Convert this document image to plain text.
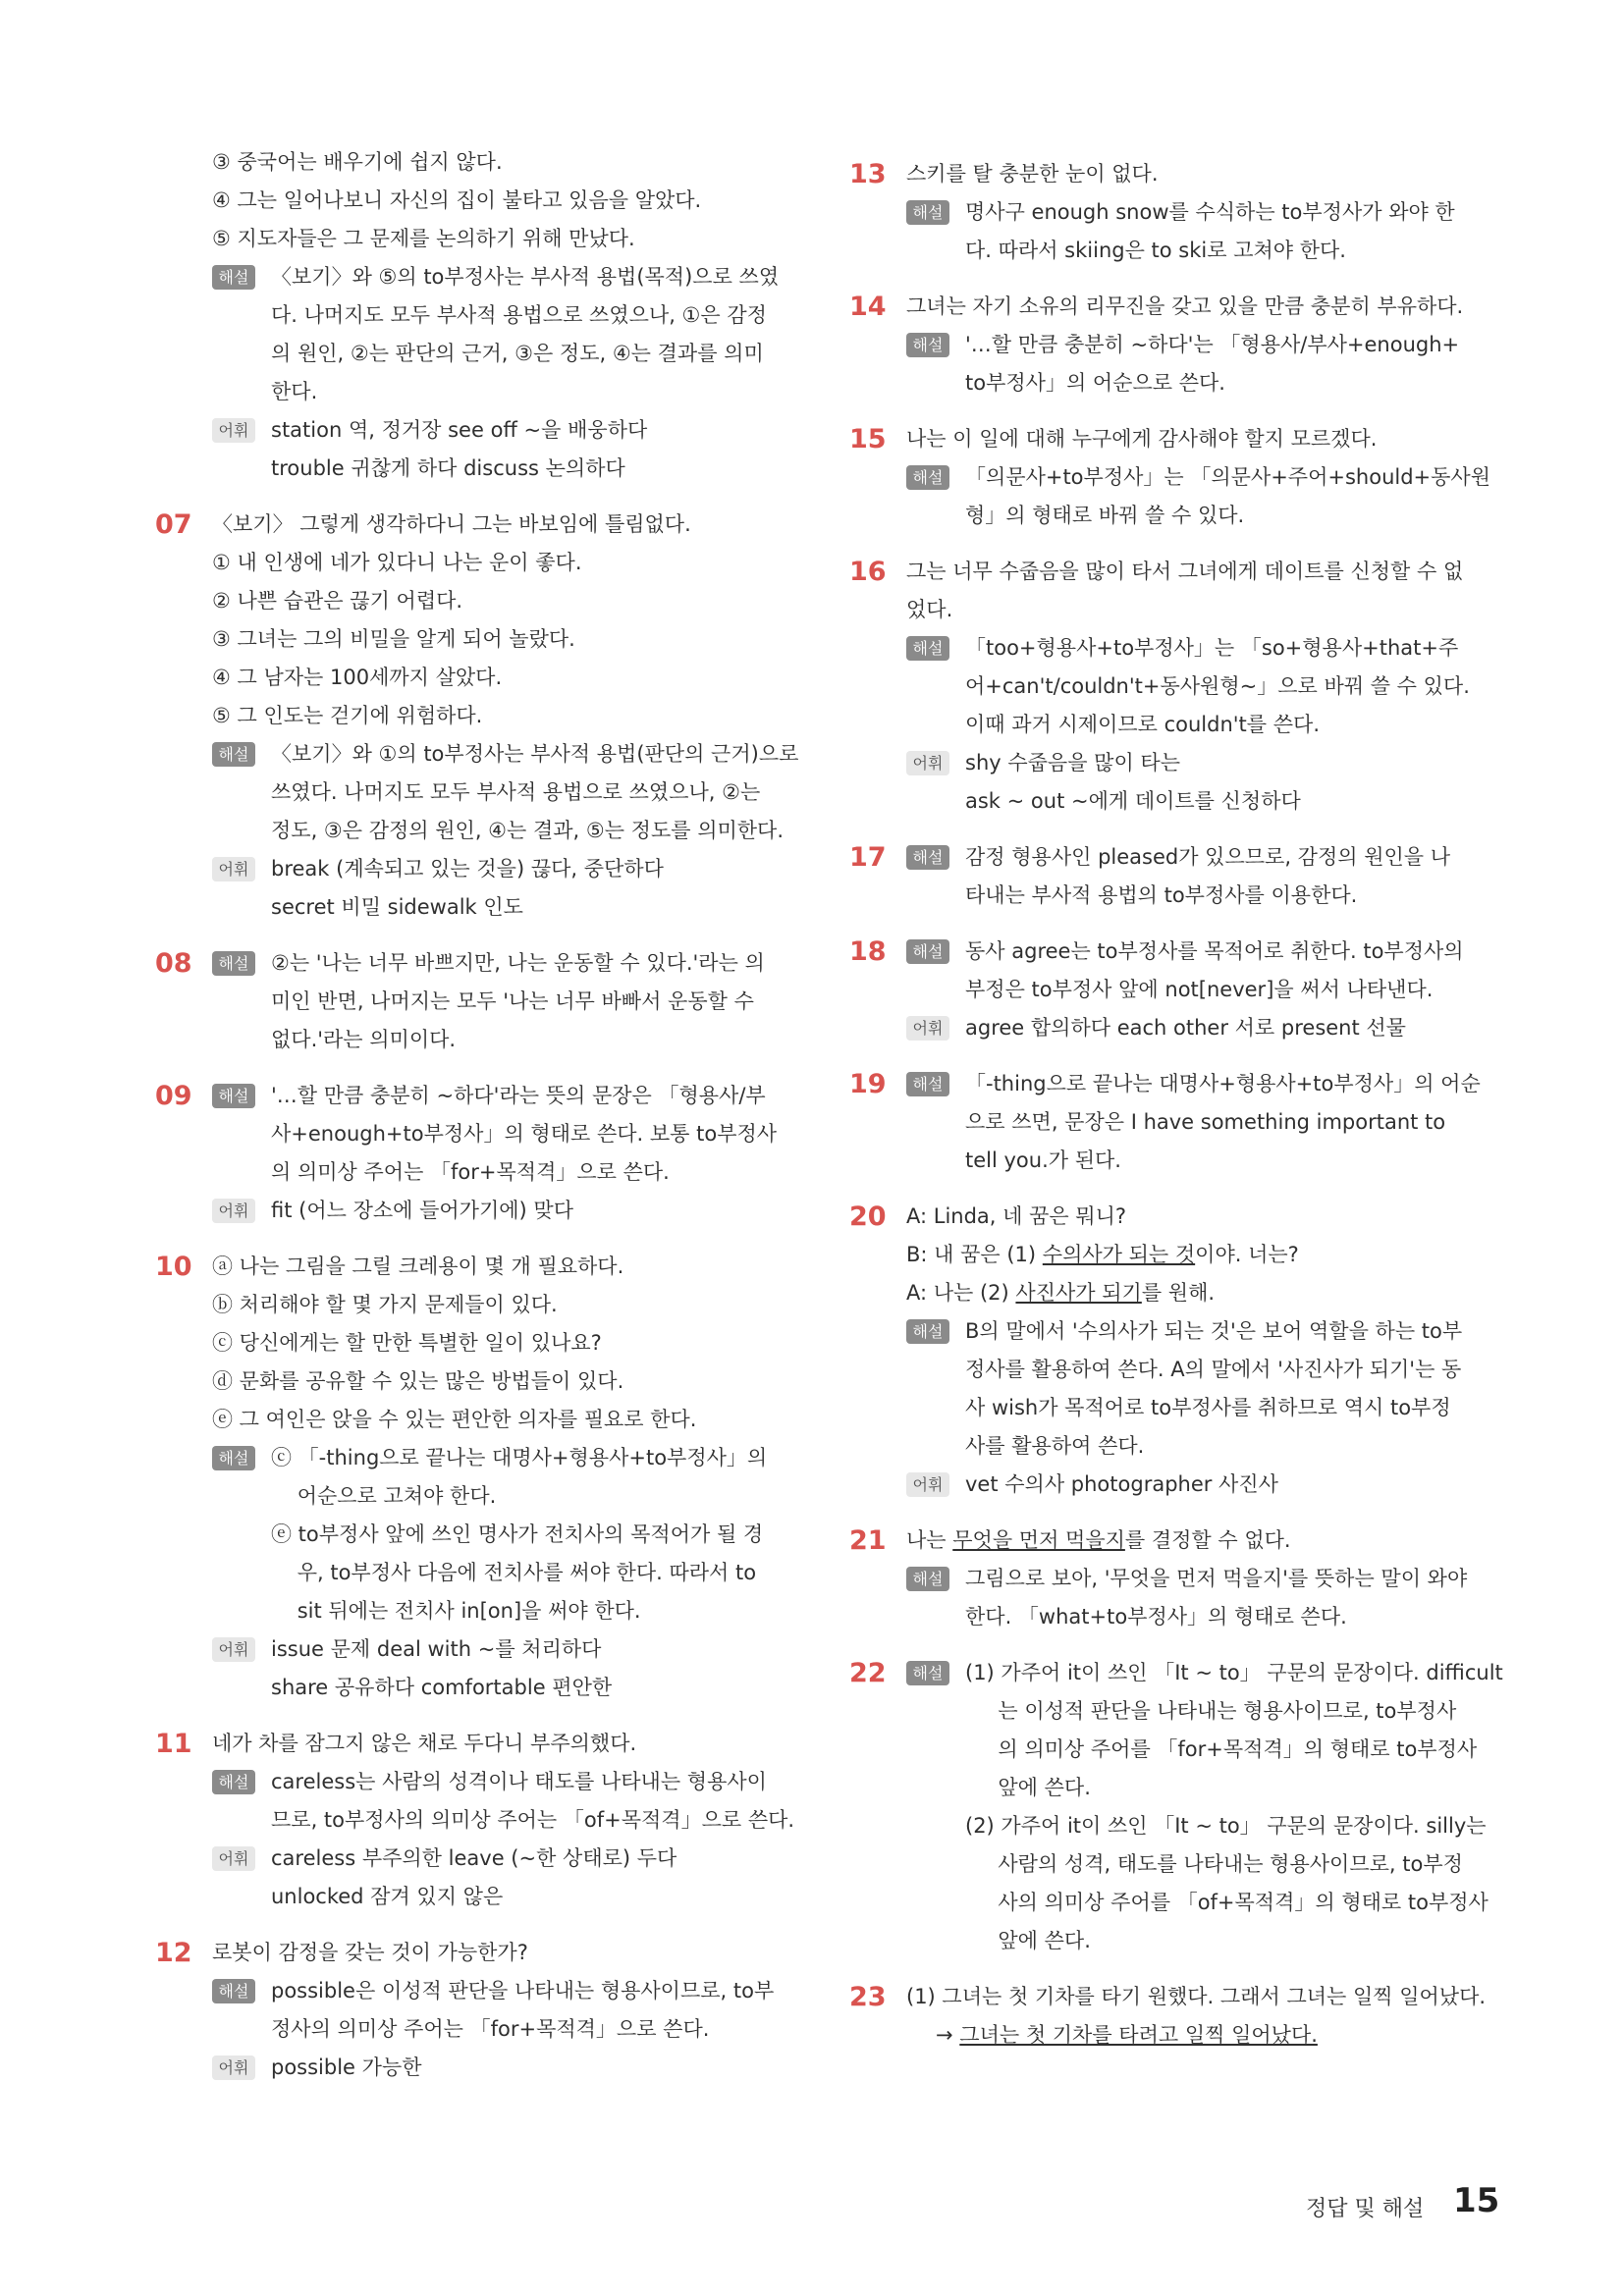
③ 중국어는 배우기에 쉽지 않다.
④ 그는 일어나보니 자신의 집이 불타고 있음을 알았다.
⑤ 지도자들은 그 문제를 논의하기 위해 만났다.
해설	〈보기〉와 ⑤의 to부정사는 부사적 용법(목적)으로 쓰였
다. 나머지도 모두 부사적 용법으로 쓰였으나, ①은 감정
의 원인, ②는 판단의 근거, ③은 정도, ④는 결과를 의미
한다.
어휘	station 역, 정거장 see off ~을 배웅하다
trouble 귀찮게 하다 discuss 논의하다
07 〈보기〉 그렇게 생각하다니 그는 바보임에 틀림없다.
① 내 인생에 네가 있다니 나는 운이 좋다.
② 나쁜 습관은 끊기 어렵다.
③ 그녀는 그의 비밀을 알게 되어 놀랐다.
④ 그 남자는 100세까지 살았다.
⑤ 그 인도는 걷기에 위험하다.
해설	〈보기〉와 ①의 to부정사는 부사적 용법(판단의 근거)으로
쓰였다. 나머지도 모두 부사적 용법으로 쓰였으나, ②는
정도, ③은 감정의 원인, ④는 결과, ⑤는 정도를 의미한다.
어휘	break (계속되고 있는 것을) 끊다, 중단하다
secret 비밀 sidewalk 인도
08	해설	②는 '나는 너무 바쁘지만, 나는 운동할 수 있다.'라는 의
미인 반면, 나머지는 모두 '나는 너무 바빠서 운동할 수
없다.'라는 의미이다.
09	해설	'…할 만큼 충분히 ~하다'라는 뜻의 문장은 「형용사/부
사+enough+to부정사」의 형태로 쓴다. 보통 to부정사
의 의미상 주어는 「for+목적격」으로 쓴다.
어휘	fit (어느 장소에 들어가기에) 맞다
10 ⓐ 나는 그림을 그릴 크레용이 몇 개 필요하다.
ⓑ 처리해야 할 몇 가지 문제들이 있다.
ⓒ 당신에게는 할 만한 특별한 일이 있나요?
ⓓ 문화를 공유할 수 있는 많은 방법들이 있다.
ⓔ 그 여인은 앉을 수 있는 편안한 의자를 필요로 한다.
해설	ⓒ 「-thing으로 끝나는 대명사+형용사+to부정사」의
어순으로 고쳐야 한다.
ⓔ to부정사 앞에 쓰인 명사가 전치사의 목적어가 될 경
우, to부정사 다음에 전치사를 써야 한다. 따라서 to
sit 뒤에는 전치사 in[on]을 써야 한다.
어휘	issue 문제 deal with ~를 처리하다
share 공유하다 comfortable 편안한
11 네가 차를 잠그지 않은 채로 두다니 부주의했다.
해설	careless는 사람의 성격이나 태도를 나타내는 형용사이
므로, to부정사의 의미상 주어는 「of+목적격」으로 쓴다.
어휘	careless 부주의한 leave (~한 상태로) 두다
unlocked 잠겨 있지 않은
12 로봇이 감정을 갖는 것이 가능한가?
해설	possible은 이성적 판단을 나타내는 형용사이므로, to부
정사의 의미상 주어는 「for+목적격」으로 쓴다.
어휘	possible 가능한
13 스키를 탈 충분한 눈이 없다.
해설	명사구 enough snow를 수식하는 to부정사가 와야 한
다. 따라서 skiing은 to ski로 고쳐야 한다.
14 그녀는 자기 소유의 리무진을 갖고 있을 만큼 충분히 부유하다.
해설	'…할 만큼 충분히 ~하다'는 「형용사/부사+enough+
to부정사」의 어순으로 쓴다.
15 나는 이 일에 대해 누구에게 감사해야 할지 모르겠다.
해설	「의문사+to부정사」는 「의문사+주어+should+동사원
형」의 형태로 바꿔 쓸 수 있다.
16 그는 너무 수줍음을 많이 타서 그녀에게 데이트를 신청할 수 없
었다.
해설	「too+형용사+to부정사」는 「so+형용사+that+주
어+can't/couldn't+동사원형~」으로 바꿔 쓸 수 있다.
이때 과거 시제이므로 couldn't를 쓴다.
어휘	shy 수줍음을 많이 타는
ask ~ out ~에게 데이트를 신청하다
17	해설	감정 형용사인 pleased가 있으므로, 감정의 원인을 나
타내는 부사적 용법의 to부정사를 이용한다.
18	해설	동사 agree는 to부정사를 목적어로 취한다. to부정사의
부정은 to부정사 앞에 not[never]을 써서 나타낸다.
어휘	agree 합의하다 each other 서로 present 선물
19	해설	「-thing으로 끝나는 대명사+형용사+to부정사」의 어순
으로 쓰면, 문장은 I have something important to
tell you.가 된다.
20 A: Linda, 네 꿈은 뭐니?
B: 내 꿈은 (1) 수의사가 되는 것이야. 너는?
A: 나는 (2) 사진사가 되기를 원해.
해설	B의 말에서 '수의사가 되는 것'은 보어 역할을 하는 to부
정사를 활용하여 쓴다. A의 말에서 '사진사가 되기'는 동
사 wish가 목적어로 to부정사를 취하므로 역시 to부정
사를 활용하여 쓴다.
어휘	vet 수의사 photographer 사진사
21 나는 무엇을 먼저 먹을지를 결정할 수 없다.
해설	그림으로 보아, '무엇을 먼저 먹을지'를 뜻하는 말이 와야
한다. 「what+to부정사」의 형태로 쓴다.
22	해설	(1) 가주어 it이 쓰인 「It ~ to」 구문의 문장이다. difficult
는 이성적 판단을 나타내는 형용사이므로, to부정사
의 의미상 주어를 「for+목적격」의 형태로 to부정사
앞에 쓴다.
(2) 가주어 it이 쓰인 「It ~ to」 구문의 문장이다. silly는
사람의 성격, 태도를 나타내는 형용사이므로, to부정
사의 의미상 주어를 「of+목적격」의 형태로 to부정사
앞에 쓴다.
23 (1) 그녀는 첫 기차를 타기 원했다. 그래서 그녀는 일찍 일어났다.
→ 그녀는 첫 기차를 타려고 일찍 일어났다.
정답 및 해설 15
